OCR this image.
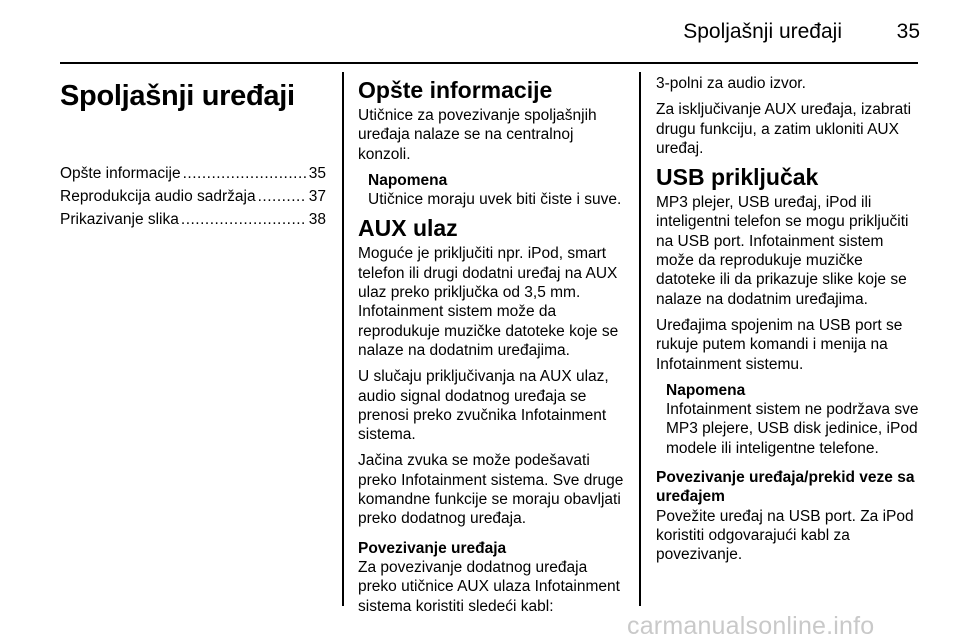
Spoljašnji uređaji	35
Spoljašnji uređaji
Opšte informacije .....	35
Reprodukcija audio sadržaja .....	37
Prikazivanje slika .....	38
Opšte informacije

Utičnice za povezivanje spoljašnjih uređaja nalaze se na centralnoj konzoli.

Napomena
Utičnice moraju uvek biti čiste i suve.
AUX ulaz

Moguće je priključiti npr. iPod, smart telefon ili drugi dodatni uređaj na AUX ulaz preko priključka od 3,5 mm. Infotainment sistem može da reprodukuje muzičke datoteke koje se nalaze na dodatnim uređajima.

U slučaju priključivanja na AUX ulaz, audio signal dodatnog uređaja se prenosi preko zvučnika Infotainment sistema.

Jačina zvuka se može podešavati preko Infotainment sistema. Sve druge komandne funkcije se moraju obavljati preko dodatnog uređaja.

Povezivanje uređaja

Za povezivanje dodatnog uređaja preko utičnice AUX ulaza Infotainment sistema koristiti sledeći kabl:

3-polni za audio izvor.

Za isključivanje AUX uređaja, izabrati drugu funkciju, a zatim ukloniti AUX uređaj.

USB priključak

MP3 plejer, USB uređaj, iPod ili inteligentni telefon se mogu priključiti na USB port. Infotainment sistem može da reprodukuje muzičke datoteke ili da prikazuje slike koje se nalaze na dodatnim uređajima.

Uređajima spojenim na USB port se rukuje putem komandi i menija na Infotainment sistemu.

Napomena
Infotainment sistem ne podržava sve MP3 plejere, USB disk jedinice, iPod modele ili inteligentne telefone.
Povezivanje uređaja/prekid veze sa uređajem

Povežite uređaj na USB port. Za iPod koristiti odgovarajući kabl za povezivanje.

carmanualsonline.info
